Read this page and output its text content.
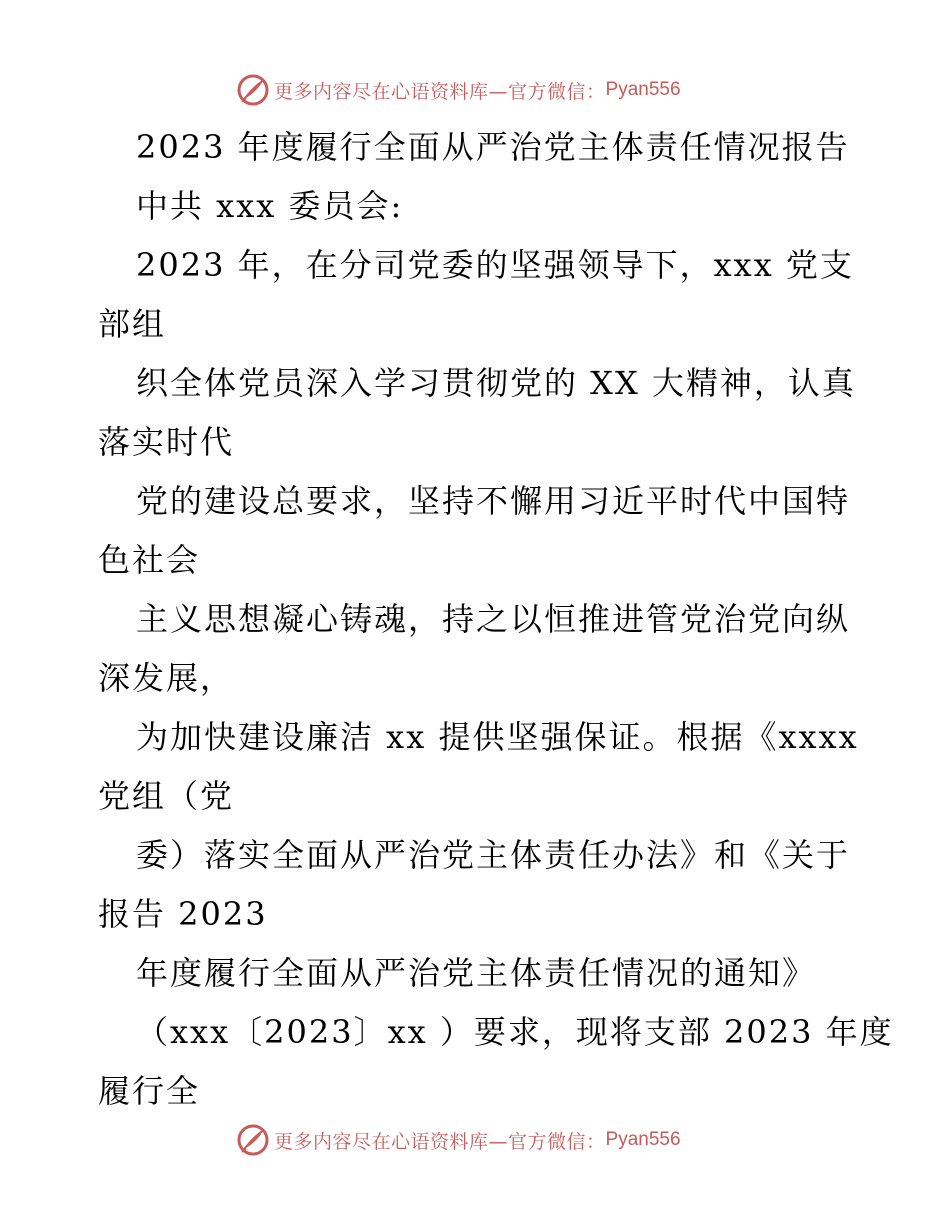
更多内容尽在心语资料库—官方微信： Pyan556
2023 年度履行全面从严治党主体责任情况报告
中共 xxx 委员会:
2023 年，在分司党委的坚强领导下，xxx 党支
部组
织全体党员深入学习贯彻党的 XX 大精神，认真
落实时代
党的建设总要求，坚持不懈用习近平时代中国特
色社会
主义思想凝心铸魂，持之以恒推进管党治党向纵
深发展，
为加快建设廉洁 xx 提供坚强保证。根据《xxxx
党组（党
委）落实全面从严治党主体责任办法》和《关于
报告 2023
年度履行全面从严治党主体责任情况的通知》
（xxx〔2023〕xx ）要求，现将支部 2023 年度
履行全
更多内容尽在心语资料库—官方微信： Pyan556
